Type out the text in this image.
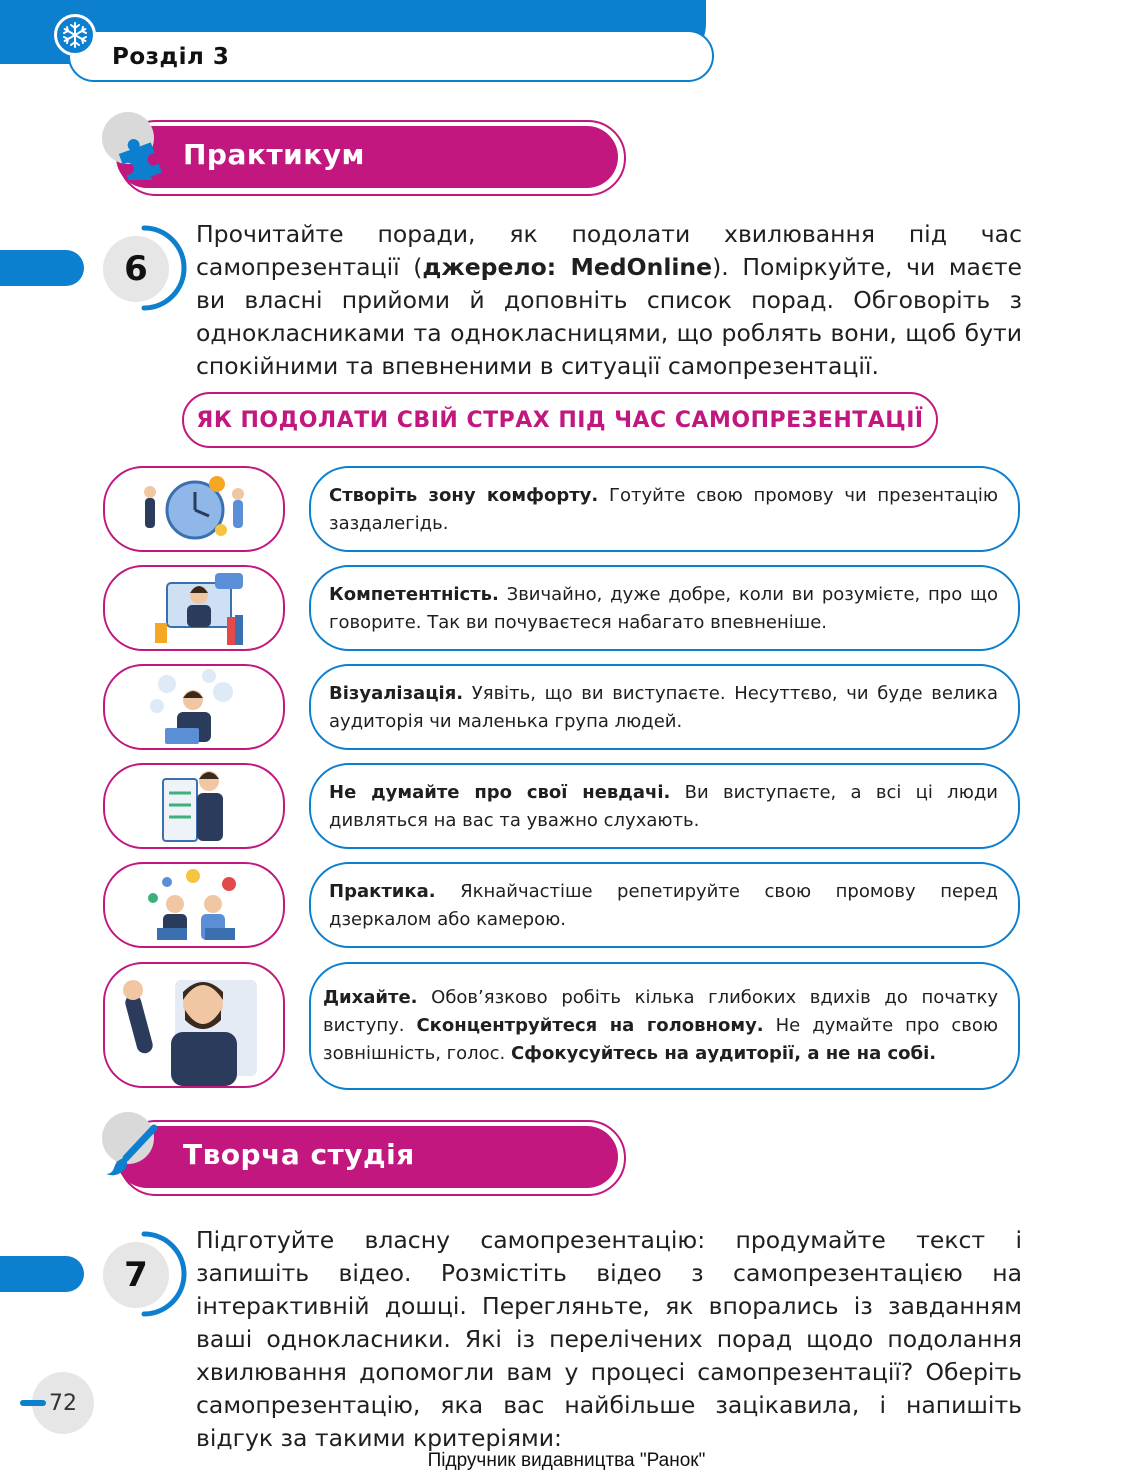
Розділ 3
Практикум
6
Прочитайте поради, як подолати хвилювання під час самопрезентації (джерело: MedOnline). Поміркуйте, чи маєте ви власні прийоми й доповніть список порад. Обговоріть з однокласниками та однокласницями, що роблять вони, щоб бути спокійними та впевненими в ситуації самопрезентації.
ЯК ПОДОЛАТИ СВІЙ СТРАХ ПІД ЧАС САМОПРЕЗЕНТАЦІЇ
Створіть зону комфорту. Готуйте свою промову чи презентацію заздалегідь.
Компетентність. Звичайно, дуже добре, коли ви розумієте, про що говорите. Так ви почуваєтеся набагато впевненіше.
Візуалізація. Уявіть, що ви виступаєте. Несуттєво, чи буде велика аудиторія чи маленька група людей.
Не думайте про свої невдачі. Ви виступаєте, а всі ці люди дивляться на вас та уважно слухають.
Практика. Якнайчастіше репетируйте свою промову перед дзеркалом або камерою.
Дихайте. Обов’язково робіть кілька глибоких вдихів до початку виступу. Сконцентруйтеся на головному. Не думайте про свою зовнішність, голос. Сфокусуйтесь на аудиторії, а не на собі.
Творча студія
7
Підготуйте власну самопрезентацію: продумайте текст і запишіть відео. Розмістіть відео з самопрезентацією на інтерактивній дошці. Перегляньте, як впорались із завданням ваші однокласники. Які із перелічених порад щодо подолання хвилювання допомогли вам у процесі самопрезентації? Оберіть самопрезентацію, яка вас найбільше зацікавила, і напишіть відгук за такими критеріями:
72
Підручник видавництва "Ранок"
